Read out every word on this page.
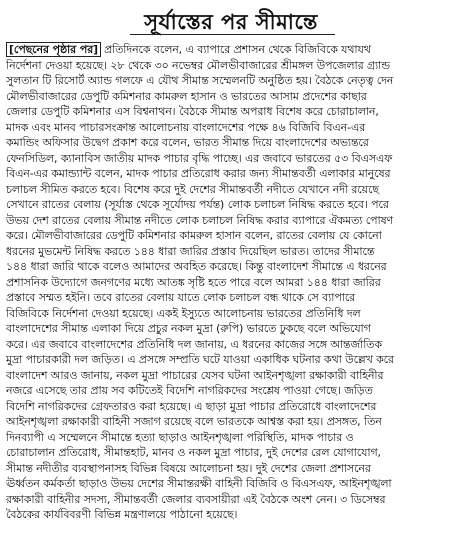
সূর্যাস্তের পর সীমান্তে
[পেছনের পৃষ্ঠার পর] প্রতিদিনকে বলেন, এ ব্যাপারে প্রশাসন থেকে বিজিবিকে যথাযথ
নির্দেশনা দেওয়া হয়েছে। ২৮ থেকে ৩০ নভেম্বর মৌলভীবাজারের শ্রীমঙ্গল উপজেলার গ্র্যান্ড
সুলতান টি রিসোর্ট অ্যান্ড গলফে এ যৌথ সীমান্ত সম্মেলনটি অনুষ্ঠিত হয়। বৈঠকে নেতৃত্ব দেন
মৌলভীবাজারের ডেপুটি কমিশনার কামরুল হাসান ও ভারতের আসাম প্রদেশের কাছার
জেলার ডেপুটি কমিশনার এস বিশ্বনাথন। বৈঠকে সীমান্ত অপরাধ বিশেষ করে চোরাচালান,
মাদক এবং মানব পাচারসংক্রান্ত আলোচনায় বাংলাদেশের পক্ষে ৪৬ বিজিবি বিএন-এর
কমান্ডিং অফিসার উদ্বেগ প্রকাশ করে বলেন, ভারত সীমান্ত দিয়ে বাংলাদেশের অভ্যন্তরে
ফেনসিডিল, ক্যানাবিস জাতীয় মাদক পাচার বৃদ্ধি পাচ্ছে। এর জবাবে ভারতের ৫৩ বিএসএফ
বিএন-এর কমান্ড্যান্ট বলেন, মাদক পাচার প্রতিরোধ করার জন্য সীমান্তবর্তী এলাকার মানুষের
চলাচল সীমিত করতে হবে। বিশেষ করে দুই দেশের সীমান্তবর্তী নদীতে যেখানে নদী রয়েছে
সেখানে রাতের বেলায় (সূর্যাস্ত থেকে সূর্যোদয় পর্যন্ত) লোক চলাচল নিষিদ্ধ করতে হবে। পরে
উভয় দেশ রাতের বেলায় সীমান্ত নদীতে লোক চলাচল নিষিদ্ধ করার ব্যাপারে ঐকমত্য পোষণ
করে। মৌলভীবাজারের ডেপুটি কমিশনার কামরুল হাসান বলেন, রাতের বেলায় যে কোনো
ধরনের মুভমেন্ট নিষিদ্ধ করতে ১৪৪ ধারা জারির প্রস্তাব দিয়েছিল ভারত। তাদের সীমান্তে
১৪৪ ধারা জারি থাকে বলেও আমাদের অবহিত করেছে। কিন্তু বাংলাদেশ সীমান্তে এ ধরনের
প্রশাসনিক উদ্যোগে জনগণের মধ্যে আতঙ্ক সৃষ্টি হতে পারে বলে আমরা ১৪৪ ধারা জারির
প্রস্তাবে সম্মত হইনি। তবে রাতের বেলায় যাতে লোক চলাচল বন্ধ থাকে সে ব্যাপারে
বিজিবিকে নির্দেশনা দেওয়া হয়েছে। একই ইস্যুতে আলোচনায় ভারতের প্রতিনিধি দল
বাংলাদেশের সীমান্ত এলাকা দিয়ে প্রচুর নকল মুদ্রা (রুপি) ভারতে ঢুকছে বলে অভিযোগ
করে। এর জবাবে বাংলাদেশের প্রতিনিধি দল জানায়, এ ধরনের কাজের সঙ্গে আন্তর্জাতিক
মুদ্রা পাচারকারী দল জড়িত। এ প্রসঙ্গে সম্প্রতি ঘটে যাওয়া একাধিক ঘটনার কথা উল্লেখ করে
বাংলাদেশ আরও জানায়, নকল মুদ্রা পাচারের যেসব ঘটনা আইনশৃঙ্খলা রক্ষাকারী বাহিনীর
নজরে এসেছে তার প্রায় সব কটিতেই বিদেশি নাগরিকদের সংশ্লেষ পাওয়া গেছে। জড়িত
বিদেশি নাগরিকদের গ্রেফতারও করা হয়েছে। এ ছাড়া মুদ্রা পাচার প্রতিরোধে বাংলাদেশের
আইনশৃঙ্খলা রক্ষাকারী বাহিনী সজাগ রয়েছে বলে ভারতকে আশ্বস্ত করা হয়। প্রসঙ্গত, তিন
দিনব্যাপী এ সম্মেলনে সীমান্তে হত্যা ছাড়াও আইনশৃঙ্খলা পরিস্থিতি, মাদক পাচার ও
চোরাচালান প্রতিরোধ, সীমান্তহাট, মানব ও নকল মুদ্রা পাচার, দুই দেশের রেল যোগাযোগ,
সীমান্ত নদীতীর ব্যবস্থাপনাসহ বিভিন্ন বিষয়ে আলোচনা হয়। দুই দেশের জেলা প্রশাসনের
ঊর্ধ্বতন কর্মকর্তা ছাড়াও উভয় দেশের সীমান্তরক্ষী বাহিনী বিজিবি ও বিএসএফ, আইনশৃঙ্খলা
রক্ষাকারী বাহিনীর সদস্য, সীমান্তবর্তী জেলার ব্যবসায়ীরা এই বৈঠকে অংশ নেন। ৩ ডিসেম্বর
বৈঠকের কার্যবিবরণী বিভিন্ন মন্ত্রণালয়ে পাঠানো হয়েছে।
